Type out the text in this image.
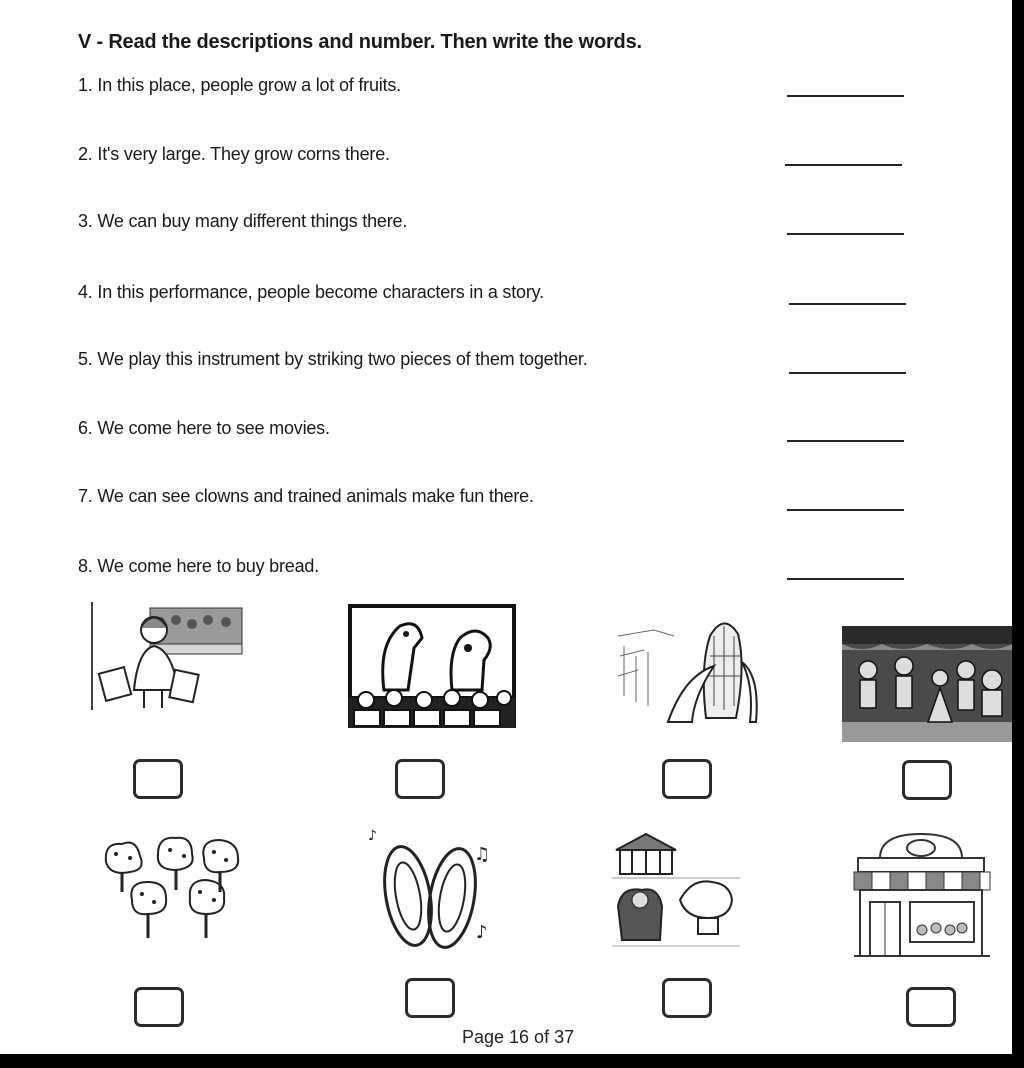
V - Read the descriptions and number. Then write the words.
1. In this place, people grow a lot of fruits.
2. It's very large. They grow corns there.
3. We can buy many different things there.
4. In this performance, people become characters in a story.
5. We play this instrument by striking two pieces of them together.
6. We come here to see movies.
7. We can see clowns and trained animals make fun there.
8. We come here to buy bread.
♪
♫
♪
Page 16 of 37
